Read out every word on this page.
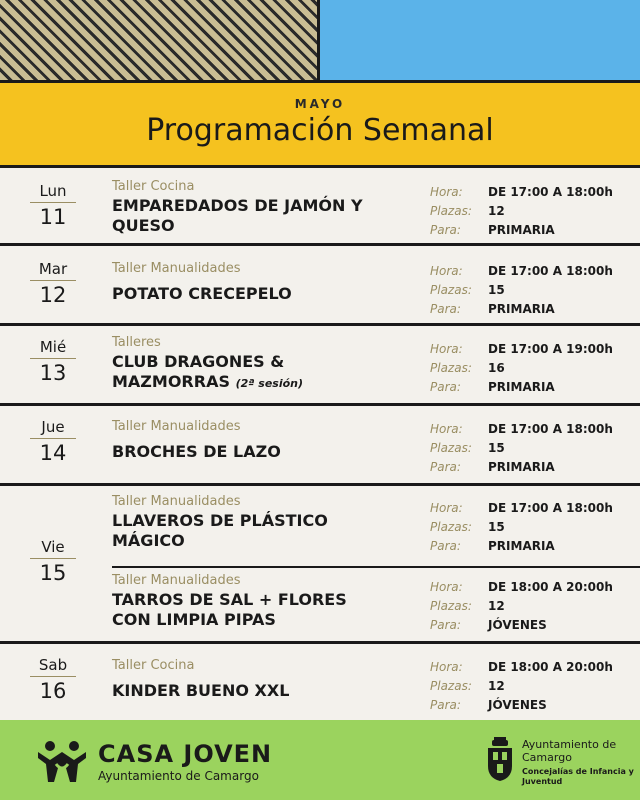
MAYO
Programación Semanal
Lun
11
Taller Cocina
EMPAREDADOS DE JAMÓN Y QUESO
Hora: DE 17:00 A 18:00h
Plazas: 12
Para: PRIMARIA
Mar
12
Taller Manualidades
POTATO CRECEPELO
Hora: DE 17:00 A 18:00h
Plazas: 15
Para: PRIMARIA
Mié
13
Talleres
CLUB DRAGONES & MAZMORRAS (2ª sesión)
Hora: DE 17:00 A 19:00h
Plazas: 16
Para: PRIMARIA
Jue
14
Taller Manualidades
BROCHES DE LAZO
Hora: DE 17:00 A 18:00h
Plazas: 15
Para: PRIMARIA
Vie
15
Taller Manualidades
LLAVEROS DE PLÁSTICO MÁGICO
Hora: DE 17:00 A 18:00h
Plazas: 15
Para: PRIMARIA
Taller Manualidades
TARROS DE SAL + FLORES CON LIMPIA PIPAS
Hora: DE 18:00 A 20:00h
Plazas: 12
Para: JÓVENES
Sab
16
Taller Cocina
KINDER BUENO XXL
Hora: DE 18:00 A 20:00h
Plazas: 12
Para: JÓVENES
CASA JOVEN
Ayuntamiento de Camargo
Ayuntamiento de Camargo
Concejalías de Infancia y Juventud
